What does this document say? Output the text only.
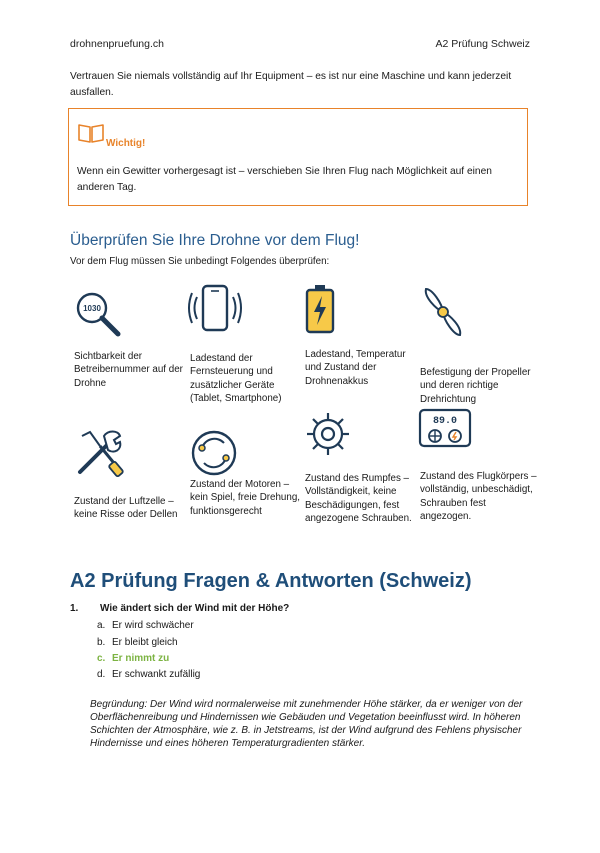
drohnenpruefung.ch	A2 Prüfung Schweiz
Vertrauen Sie niemals vollständig auf Ihr Equipment – es ist nur eine Maschine und kann jederzeit ausfallen.
Wichtig!
Wenn ein Gewitter vorhergesagt ist – verschieben Sie Ihren Flug nach Möglichkeit auf einen anderen Tag.
Überprüfen Sie Ihre Drohne vor dem Flug!
Vor dem Flug müssen Sie unbedingt Folgendes überprüfen:
1030
Sichtbarkeit der Betreibernummer auf der Drohne
Ladestand der Fernsteuerung und zusätzlicher Geräte (Tablet, Smartphone)
Ladestand, Temperatur und Zustand der Drohnenakkus
Befestigung der Propeller und deren richtige Drehrichtung
89.0
Zustand der Luftzelle – keine Risse oder Dellen
Zustand der Motoren – kein Spiel, freie Drehung, funktionsgerecht
Zustand des Rumpfes – Vollständigkeit, keine Beschädigungen, fest angezogene Schrauben.
Zustand des Flugkörpers – vollständig, unbeschädigt, Schrauben fest angezogen.
A2 Prüfung Fragen & Antworten (Schweiz)
1. Wie ändert sich der Wind mit der Höhe?
a. Er wird schwächer
b. Er bleibt gleich
c. Er nimmt zu
d. Er schwankt zufällig
Begründung: Der Wind wird normalerweise mit zunehmender Höhe stärker, da er weniger von der Oberflächenreibung und Hindernissen wie Gebäuden und Vegetation beeinflusst wird. In höheren Schichten der Atmosphäre, wie z. B. in Jetstreams, ist der Wind aufgrund des Fehlens physischer Hindernisse und eines höheren Temperaturgradienten stärker.
